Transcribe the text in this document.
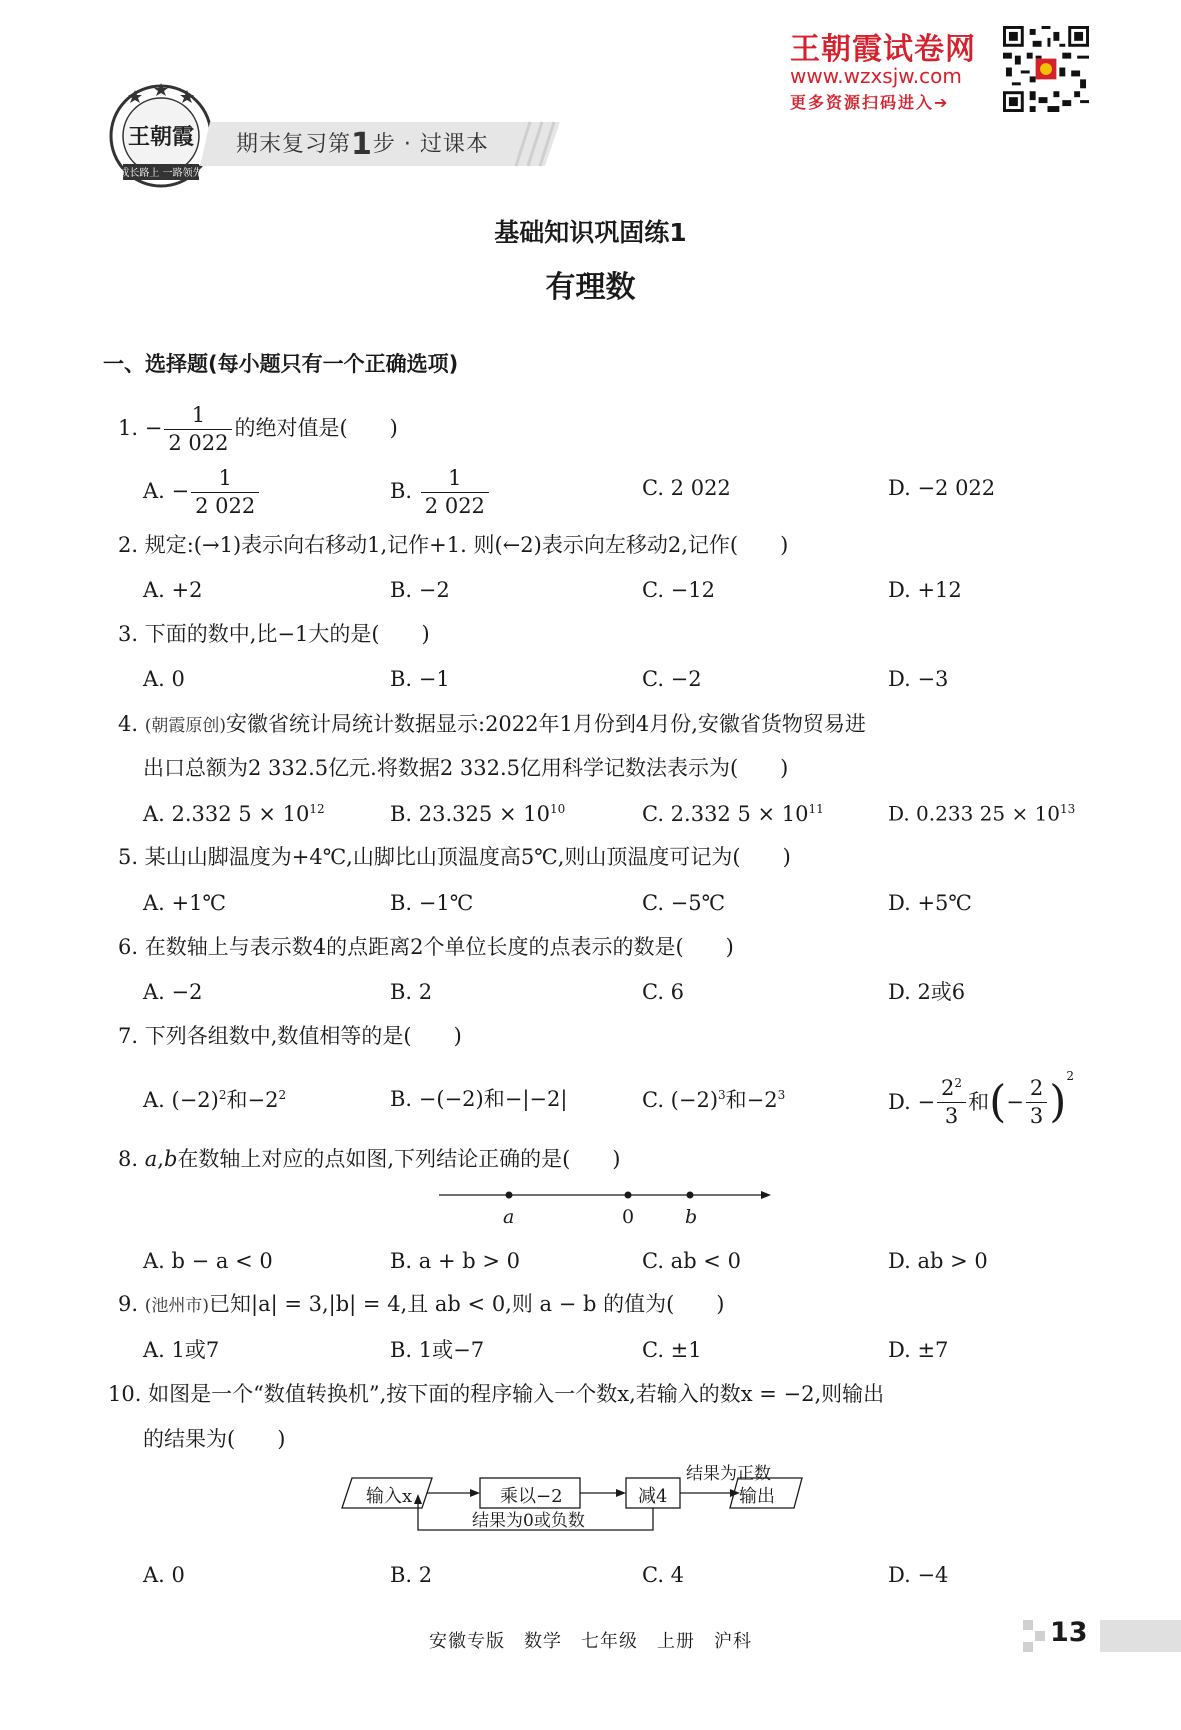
王朝霞
成长路上 一路领先
期末复习第1步 · 过课本
王朝霞试卷网
www.wzxsjw.com
更多资源扫码进入➔
基础知识巩固练1
有理数
一、选择题(每小题只有一个正确选项)
1. − $\frac{1}{2 022}$ 的绝对值是(　　)
A. − $\frac{1}{2 022}$	B. $\frac{1}{2 022}$	C. 2 022	D. −2 022
2. 规定:(→1)表示向右移动1,记作+1. 则(←2)表示向左移动2,记作(　　)
A. +2	B. −2	C. −12	D. +12
3. 下面的数中,比−1大的是(　　)
A. 0	B. −1	C. −2	D. −3
4. (朝霞原创)安徽省统计局统计数据显示:2022年1月份到4月份,安徽省货物贸易进
出口总额为2 332.5亿元.将数据2 332.5亿用科学记数法表示为(　　)
A. 2.332 $5 \times 10^{12}$	B. $23.325 \times 10^{10}$	C. 2.332 $5 \times 10^{11}$	D. 0.233 $25 \times 10^{13}$
5. 某山山脚温度为+4℃,山脚比山顶温度高5℃,则山顶温度可记为(　　)
A. +1℃	B. −1℃	C. −5℃	D. +5℃
6. 在数轴上与表示数4的点距离2个单位长度的点表示的数是(　　)
A. −2	B. 2	C. 6	D. 2或6
7. 下列各组数中,数值相等的是(　　)
A. $(-2)^2$和$-2^2$	B. −(−2)和−|−2|	C. $(-2)^3$和$-2^3$	D. − $\frac{2^2}{3}$ 和(− $\frac{2}{3} )^2$
8. a,b在数轴上对应的点如图,下列结论正确的是(　　)
a	0	b
A. b − a < 0	B. a + b > 0	C. ab < 0	D. ab > 0
9. (池州市)已知|a| = 3,|b| = 4,且 ab < 0,则 a − b 的值为(　　)
A. 1或7	B. 1或−7	C. ±1	D. ±7
10. 如图是一个“数值转换机”,按下面的程序输入一个数x,若输入的数x = −2,则输出
的结果为(　　)
输入x	乘以−2	减4
结果为正数
输出
结果为0或负数
A. 0	B. 2	C. 4	D. −4
安徽专版　数学　七年级　上册　沪科	13
